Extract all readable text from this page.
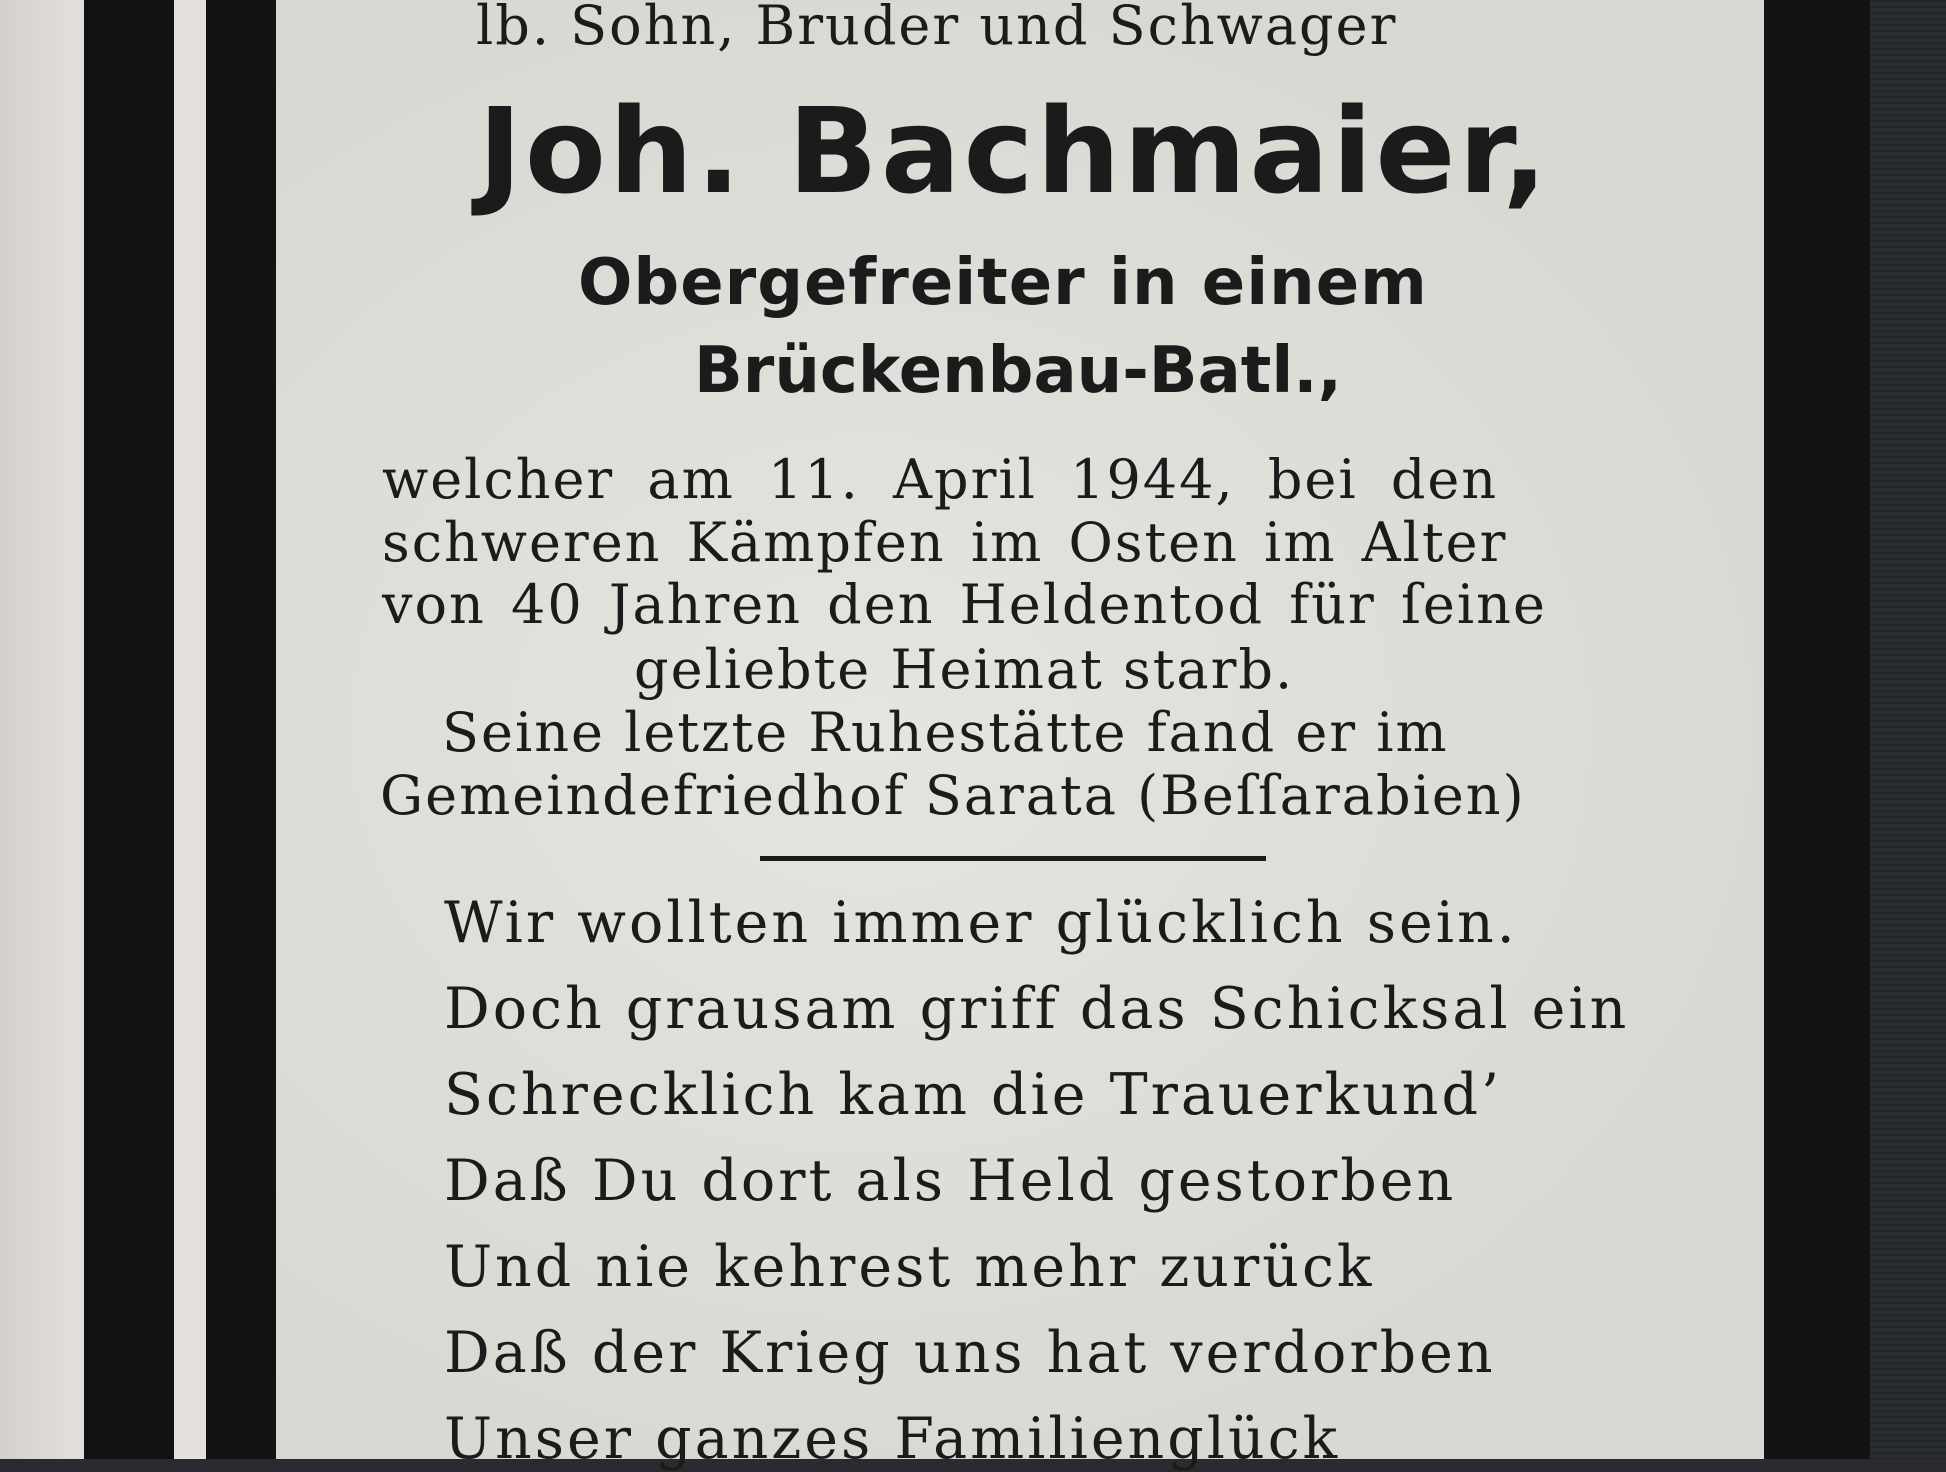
lb. Sohn, Bruder und Schwager
Joh. Bachmaier,
Obergefreiter in einem
Brückenbau-Batl.,
welcher am 11. April 1944, bei den
schweren Kämpfen im Osten im Alter
von 40 Jahren den Heldentod für ſeine
geliebte Heimat starb.
Seine letzte Ruhestätte fand er im
Gemeindefriedhof Sarata (Beſſarabien)
Wir wollten immer glücklich sein.
Doch grausam griff das Schicksal ein
Schrecklich kam die Trauerkund’
Daß Du dort als Held gestorben
Und nie kehrest mehr zurück
Daß der Krieg uns hat verdorben
Unser ganzes Familienglück
